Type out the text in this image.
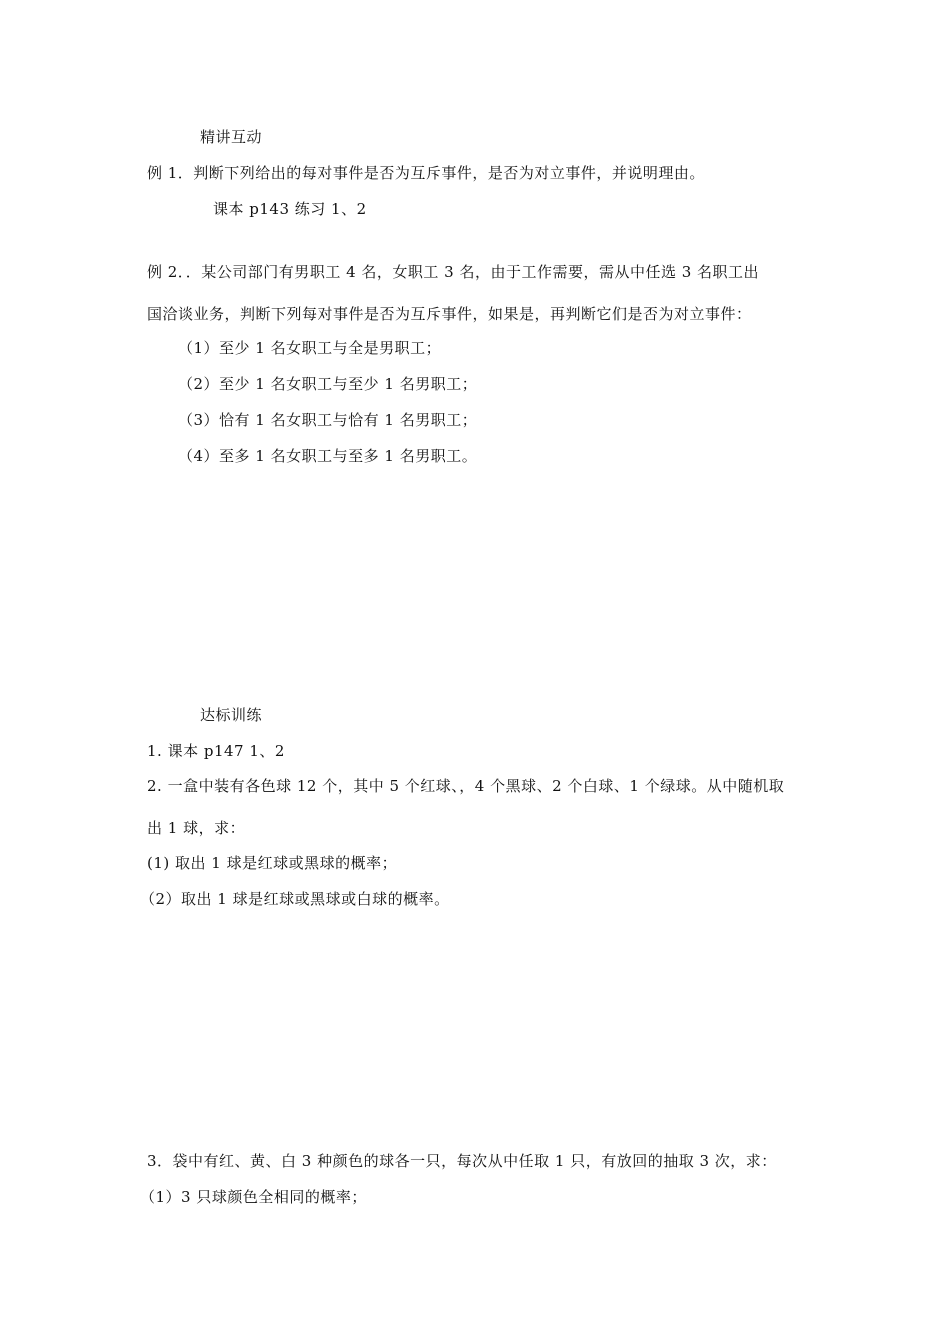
精讲互动
例 1．判断下列给出的每对事件是否为互斥事件，是否为对立事件，并说明理由。
课本 p143 练习 1、2
例 2．．某公司部门有男职工 4 名，女职工 3 名，由于工作需要，需从中任选 3 名职工出
国洽谈业务，判断下列每对事件是否为互斥事件，如果是，再判断它们是否为对立事件：
（1）至少 1 名女职工与全是男职工；
（2）至少 1 名女职工与至少 1 名男职工；
（3）恰有 1 名女职工与恰有 1 名男职工；
（4）至多 1 名女职工与至多 1 名男职工。
达标训练
1. 课本 p147 1、2
2. 一盒中装有各色球 12 个，其中 5 个红球、，4 个黑球、2 个白球、1 个绿球。从中随机取
出 1 球，求：
(1) 取出 1 球是红球或黑球的概率；
（2）取出 1 球是红球或黑球或白球的概率。
3．袋中有红、黄、白 3 种颜色的球各一只，每次从中任取 1 只，有放回的抽取 3 次，求：
（1）3 只球颜色全相同的概率；
